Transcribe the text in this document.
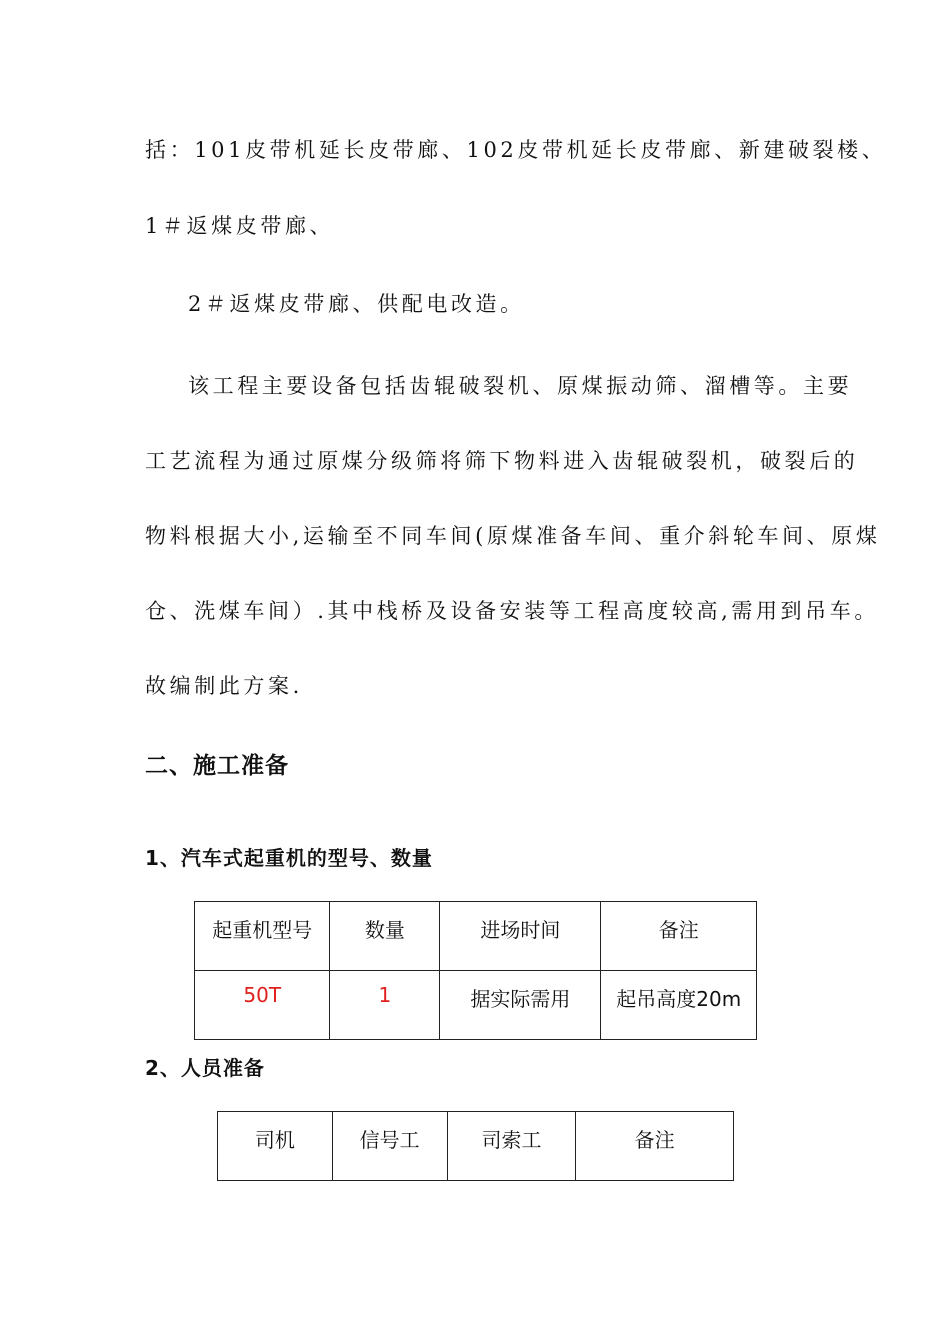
括：101皮带机延长皮带廊、102皮带机延长皮带廊、新建破裂楼、
1＃返煤皮带廊、
2＃返煤皮带廊、供配电改造。
该工程主要设备包括齿辊破裂机、原煤振动筛、溜槽等。主要
工艺流程为通过原煤分级筛将筛下物料进入齿辊破裂机，破裂后的
物料根据大小,运输至不同车间(原煤准备车间、重介斜轮车间、原煤
仓、洗煤车间）.其中栈桥及设备安装等工程高度较高,需用到吊车。
故编制此方案.
二、施工准备
1、汽车式起重机的型号、数量
起重机型号	数量	进场时间	备注
50T	1	据实际需用	起吊高度20m
2、人员准备
司机	信号工	司索工	备注
